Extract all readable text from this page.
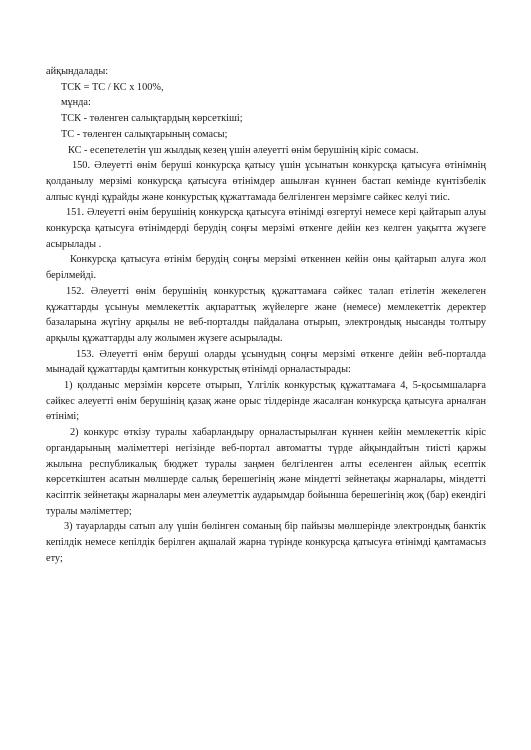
айқындалады:

ТСК = ТС / КС х 100%,

мұнда:

ТСК - төленген салықтардың көрсеткіші;

ТС - төленген салықтарының сомасы;

КС - есепетелетін үш жылдық кезең үшін әлеуетті өнім берушінің кіріс сомасы.

150. Әлеуетті өнім беруші конкурсқа қатысу үшін ұсынатын конкурсқа қатысуға өтінімнің қолданылу мерзімі конкурсқа қатысуға өтінімдер ашылған күннен бастап кемінде күнтізбелік алпыс күнді құрайды және конкурстық құжаттамада белгіленген мерзімге сәйкес келуі тиіс.

151. Әлеуетті өнім берушінің конкурсқа қатысуға өтінімді өзгертуі немесе кері қайтарып алуы конкурсқа қатысуға өтінімдерді берудің соңғы мерзімі өткенге дейін кез келген уақытта жүзеге асырылады .

Конкурсқа қатысуға өтінім берудің соңғы мерзімі өткеннен кейін оны қайтарып алуға жол берілмейді.

152. Әлеуетті өнім берушінің конкурстық құжаттамаға сәйкес талап етілетін жекелеген құжаттарды ұсынуы мемлекеттік ақпараттық жүйелерге және (немесе) мемлекеттік деректер базаларына жүгіну арқылы не веб-порталды пайдалана отырып, электрондық нысанды толтыру арқылы құжаттарды алу жолымен жүзеге асырылады.

153. Әлеуетті өнім беруші оларды ұсынудың соңғы мерзімі өткенге дейін веб-порталда мынадай құжаттарды қамтитын конкурстық өтінімді орналастырады:

1) қолданыс мерзімін көрсете отырып, Үлгілік конкурстық құжаттамаға 4, 5-қосымшаларға сәйкес әлеуетті өнім берушінің қазақ және орыс тілдерінде жасалған конкурсқа қатысуға арналған өтінімі;

2) конкурс өткізу туралы хабарландыру орналастырылған күннен кейін мемлекеттік кіріс органдарының мәліметтері негізінде веб-портал автоматты түрде айқындайтын тиісті қаржы жылына республикалық бюджет туралы заңмен белгіленген алты еселенген айлық есептік көрсеткіштен асатын мөлшерде салық берешегінің және міндетті зейнетақы жарналары, міндетті кәсіптік зейнетақы жарналары мен әлеуметтік аударымдар бойынша берешегінің жоқ (бар) екендігі туралы мәліметтер;

3) тауарларды сатып алу үшін бөлінген соманың бір пайызы мөлшерінде электрондық банктік кепілдік немесе кепілдік берілген ақшалай жарна түрінде конкурсқа қатысуға өтінімді қамтамасыз ету;
